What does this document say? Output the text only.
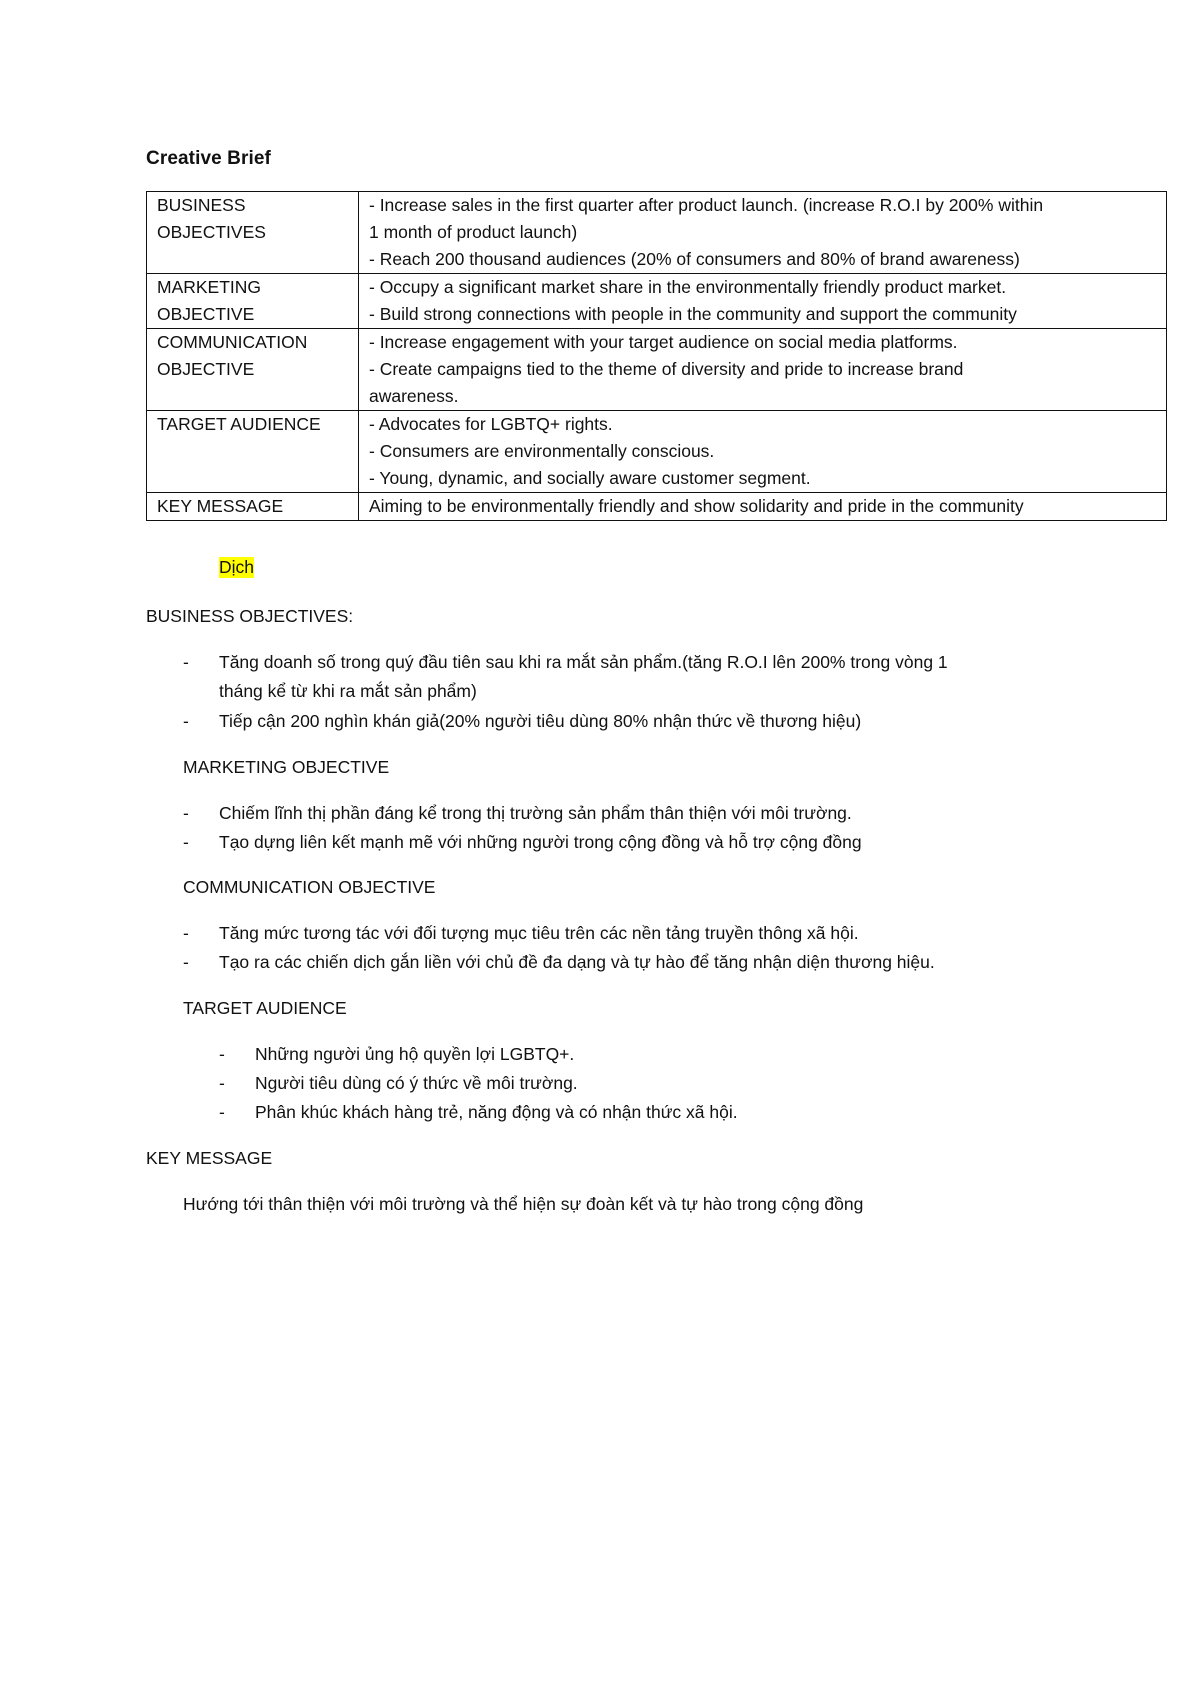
Creative Brief
BUSINESS
OBJECTIVES	- Increase sales in the first quarter after product launch. (increase R.O.I by 200% within
1 month of product launch)
- Reach 200 thousand audiences (20% of consumers and 80% of brand awareness)

MARKETING
OBJECTIVE	- Occupy a significant market share in the environmentally friendly product market.
- Build strong connections with people in the community and support the community

COMMUNICATION
OBJECTIVE	- Increase engagement with your target audience on social media platforms.
- Create campaigns tied to the theme of diversity and pride to increase brand
awareness.

TARGET AUDIENCE	- Advocates for LGBTQ+ rights.
- Consumers are environmentally conscious.
- Young, dynamic, and socially aware customer segment.

KEY MESSAGE	Aiming to be environmentally friendly and show solidarity and pride in the community
Dịch
BUSINESS OBJECTIVES:
- Tăng doanh số trong quý đầu tiên sau khi ra mắt sản phẩm.(tăng R.O.I lên 200% trong vòng 1
tháng kể từ khi ra mắt sản phẩm)
- Tiếp cận 200 nghìn khán giả(20% người tiêu dùng 80% nhận thức về thương hiệu)
MARKETING OBJECTIVE
- Chiếm lĩnh thị phần đáng kể trong thị trường sản phẩm thân thiện với môi trường.
- Tạo dựng liên kết mạnh mẽ với những người trong cộng đồng và hỗ trợ cộng đồng
COMMUNICATION OBJECTIVE
- Tăng mức tương tác với đối tượng mục tiêu trên các nền tảng truyền thông xã hội.
- Tạo ra các chiến dịch gắn liền với chủ đề đa dạng và tự hào để tăng nhận diện thương hiệu.
TARGET AUDIENCE
- Những người ủng hộ quyền lợi LGBTQ+.
- Người tiêu dùng có ý thức về môi trường.
- Phân khúc khách hàng trẻ, năng động và có nhận thức xã hội.
KEY MESSAGE
Hướng tới thân thiện với môi trường và thể hiện sự đoàn kết và tự hào trong cộng đồng
